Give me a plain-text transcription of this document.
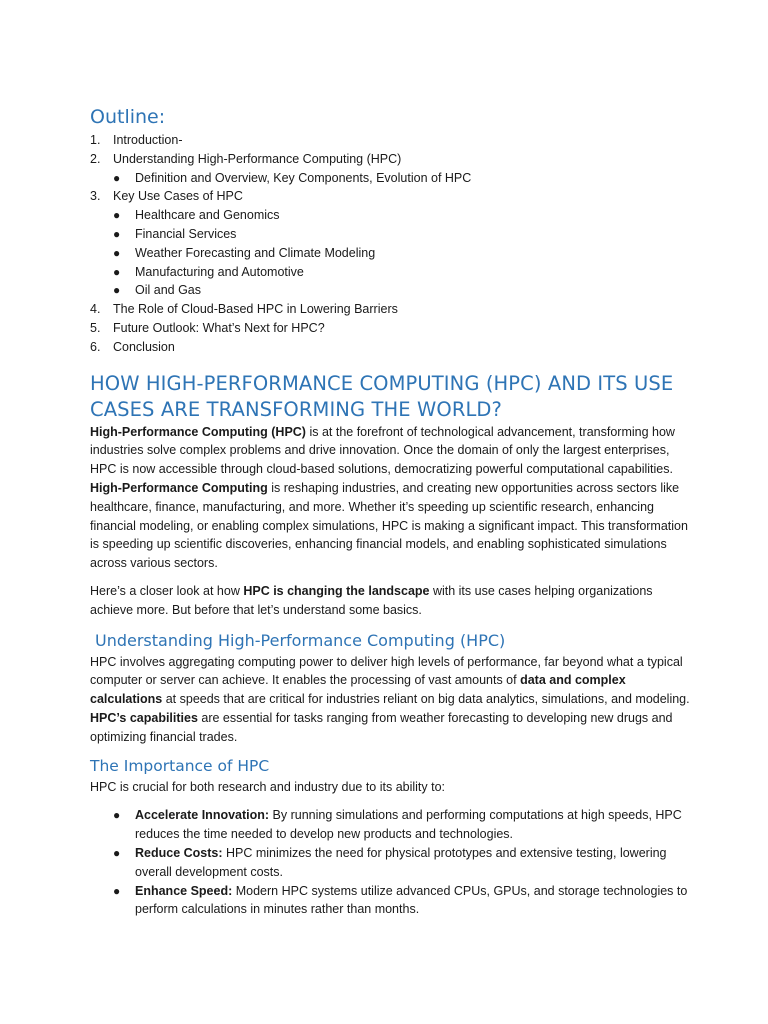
Outline:
1. Introduction-
2. Understanding High-Performance Computing (HPC)
● Definition and Overview, Key Components, Evolution of HPC
3. Key Use Cases of HPC
● Healthcare and Genomics
● Financial Services
● Weather Forecasting and Climate Modeling
● Manufacturing and Automotive
● Oil and Gas
4. The Role of Cloud-Based HPC in Lowering Barriers
5. Future Outlook: What’s Next for HPC?
6. Conclusion
HOW HIGH-PERFORMANCE COMPUTING (HPC) AND ITS USE CASES ARE TRANSFORMING THE WORLD?

High-Performance Computing (HPC) is at the forefront of technological advancement, transforming how industries solve complex problems and drive innovation. Once the domain of only the largest enterprises, HPC is now accessible through cloud-based solutions, democratizing powerful computational capabilities. High-Performance Computing is reshaping industries, and creating new opportunities across sectors like healthcare, finance, manufacturing, and more. Whether it’s speeding up scientific research, enhancing financial modeling, or enabling complex simulations, HPC is making a significant impact. This transformation is speeding up scientific discoveries, enhancing financial models, and enabling sophisticated simulations across various sectors.

Here’s a closer look at how HPC is changing the landscape with its use cases helping organizations achieve more. But before that let’s understand some basics.

Understanding High-Performance Computing (HPC)

HPC involves aggregating computing power to deliver high levels of performance, far beyond what a typical computer or server can achieve. It enables the processing of vast amounts of data and complex calculations at speeds that are critical for industries reliant on big data analytics, simulations, and modeling. HPC’s capabilities are essential for tasks ranging from weather forecasting to developing new drugs and optimizing financial trades.

The Importance of HPC

HPC is crucial for both research and industry due to its ability to:

● Accelerate Innovation: By running simulations and performing computations at high speeds, HPC reduces the time needed to develop new products and technologies.
● Reduce Costs: HPC minimizes the need for physical prototypes and extensive testing, lowering overall development costs.
● Enhance Speed: Modern HPC systems utilize advanced CPUs, GPUs, and storage technologies to perform calculations in minutes rather than months.
